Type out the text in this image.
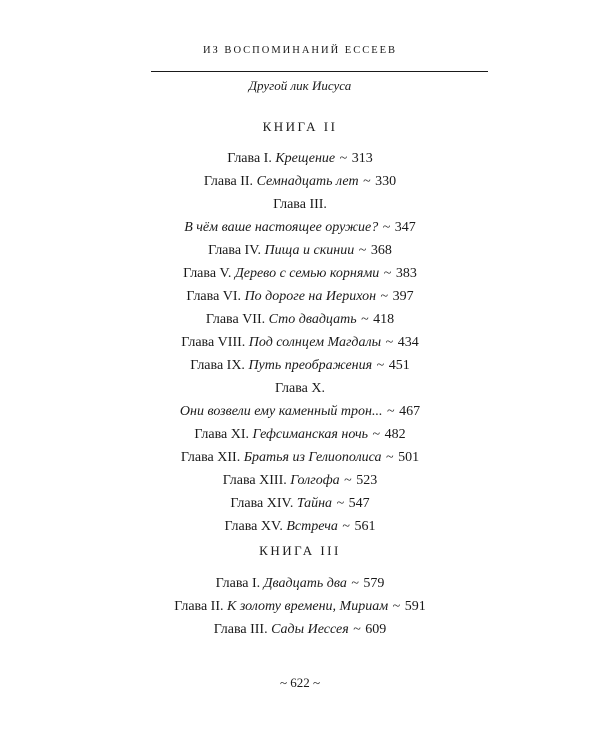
ИЗ ВОСПОМИНАНИЙ ЕССЕЕВ
Другой лик Иисуса
КНИГА II
Глава I. Крещение ~ 313
Глава II. Семнадцать лет ~ 330
Глава III.
В чём ваше настоящее оружие? ~ 347
Глава IV. Пища и скинии ~ 368
Глава V. Дерево с семью корнями ~ 383
Глава VI. По дороге на Иерихон ~ 397
Глава VII. Сто двадцать ~ 418
Глава VIII. Под солнцем Магдалы ~ 434
Глава IX. Путь преображения ~ 451
Глава X.
Они возвели ему каменный трон... ~ 467
Глава XI. Гефсиманская ночь ~ 482
Глава XII. Братья из Гелиополиса ~ 501
Глава XIII. Голгофа ~ 523
Глава XIV. Тайна ~ 547
Глава XV. Встреча ~ 561
КНИГА III
Глава I. Двадцать два ~ 579
Глава II. К золоту времени, Мириам ~ 591
Глава III. Сады Иессея ~ 609
~ 622 ~
